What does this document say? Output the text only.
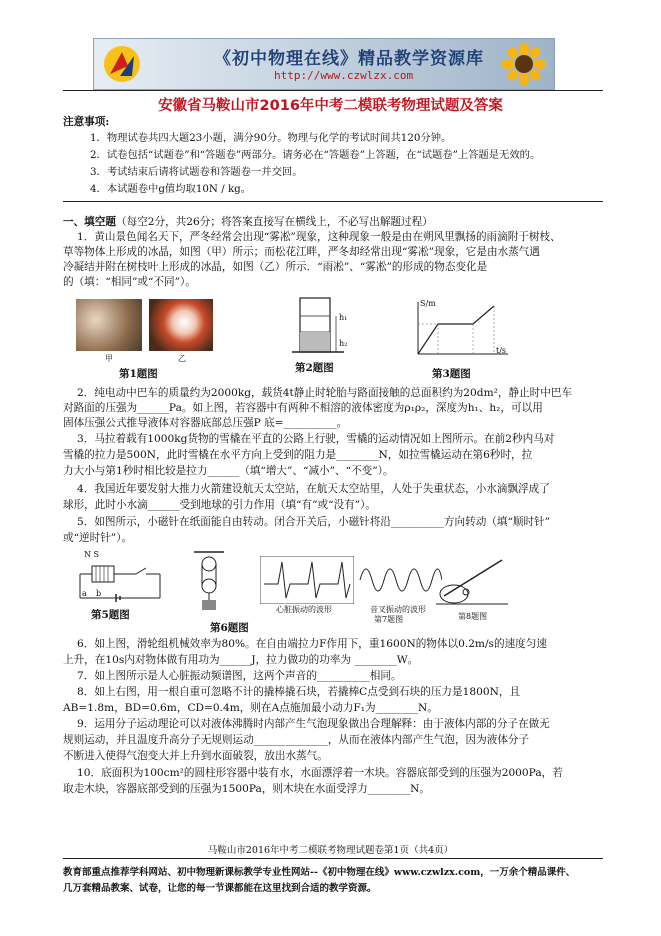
《初中物理在线》精品教学资源库
http://www.czwlzx.com
安徽省马鞍山市2016年中考二模联考物理试题及答案
注意事项:
1．物理试卷共四大题23小题，满分90分。物理与化学的考试时间共120分钟。
2．试卷包括“试题卷”和“答题卷”两部分。请务必在“答题卷”上答题，在“试题卷”上答题是无效的。
3．考试结束后请将试题卷和答题卷一并交回。
4．本试题卷中g值均取10N / kg。
一、填空题（每空2分，共26分；将答案直接写在横线上，不必写出解题过程）
1．黄山景色闻名天下，严冬经常会出现“雾凇”现象，这种现象一般是由在朔风里飘扬的雨滴附于树枝、
草等物体上形成的冰晶，如图（甲）所示；而松花江畔，严冬却经常出现“雾凇”现象，它是由水蒸气遇
冷凝结并附在树枝叶上形成的冰晶，如图（乙）所示．“雨凇”、“雾凇”的形成的物态变化是
的（填：“相同”或“不同”）。
甲	乙
第1题图
h₁
h₂
第2题图
S/m
t/s
第3题图
2．纯电动中巴车的质量约为2000kg，载货4t静止时轮胎与路面接触的总面积约为20dm²，静止时中巴车
对路面的压强为______Pa。如上图，若容器中有两种不相溶的液体密度为ρ₁ρ₂，深度为h₁、h₂，可以用
固体压强公式推导液体对容器底部总压强P 底=__________。
3．马拉着载有1000kg货物的雪橇在平直的公路上行驶，雪橇的运动情况如上图所示。在前2秒内马对
雪橇的拉力是500N，此时雪橇在水平方向上受到的阻力是________N，如拉雪橇运动在第6秒时，拉
力大小与第1秒时相比较是拉力______（填“增大”、“减小”、“不变”）。
4．我国近年要发射大推力火箭建设航天太空站，在航天太空站里，人处于失重状态，小水滴飘浮成了
球形，此时小水滴______受到地球的引力作用（填“有”或“没有”）。
5．如图所示，小磁针在纸面能自由转动。闭合开关后，小磁针将沿__________方向转动（填“顺时针”
或“逆时针”）。
N S
a b
第5题图
第6题图
心脏振动的波形	音叉振动的波形
第7题图	第8题图
6．如上图，滑轮组机械效率为80%。在自由端拉力F作用下，重1600N的物体以0.2m/s的速度匀速
上升，在10s内对物体做有用功为______J，拉力做功的功率为 ________W。
7．如上图所示是人心脏振动频谱图，这两个声音的__________相同。
8．如上右图，用一根自重可忽略不计的撬棒撬石块，若撬棒C点受到石块的压力是1800N，且
AB=1.8m，BD=0.6m，CD=0.4m，则在A点施加最小动力F₁为________N。
9．运用分子运动理论可以对液体沸腾时内部产生气泡现象做出合理解释：由于液体内部的分子在做无
规则运动，并且温度升高分子无规则运动______________，从而在液体内部产生气泡，因为液体分子
不断进入使得气泡变大并上升到水面破裂，放出水蒸气。
10．底面积为100cm²的圆柱形容器中装有水，水面漂浮着一木块。容器底部受到的压强为2000Pa，若
取走木块，容器底部受到的压强为1500Pa，则木块在水面受浮力________N。
马鞍山市2016年中考二模联考物理试题卷第1页（共4页）
教育部重点推荐学科网站、初中物理新课标教学专业性网站--《初中物理在线》www.czwlzx.com，一万余个精品课件、
几万套精品教案、试卷，让您的每一节课都能在这里找到合适的教学资源。
